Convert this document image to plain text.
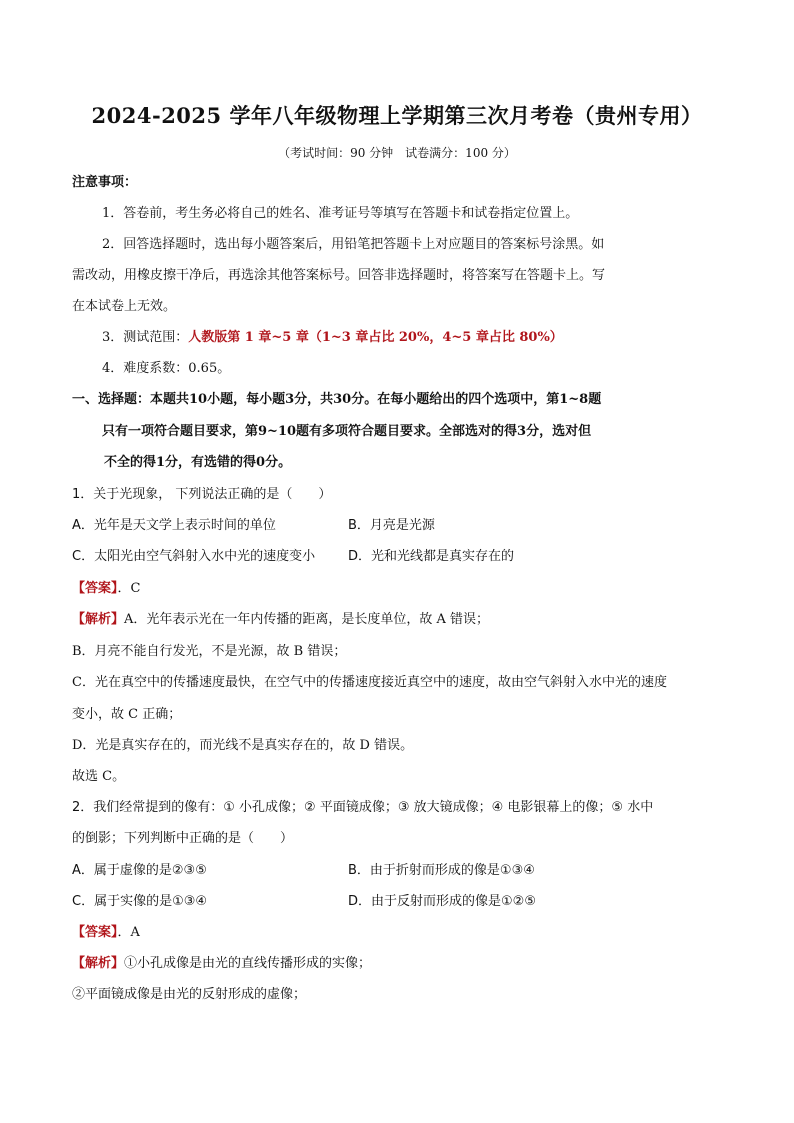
2024-2025 学年八年级物理上学期第三次月考卷（贵州专用）
（考试时间：90 分钟　试卷满分：100 分）
注意事项：
1．答卷前，考生务必将自己的姓名、准考证号等填写在答题卡和试卷指定位置上。
2．回答选择题时，选出每小题答案后，用铅笔把答题卡上对应题目的答案标号涂黑。如
需改动，用橡皮擦干净后，再选涂其他答案标号。回答非选择题时，将答案写在答题卡上。写
在本试卷上无效。
3．测试范围：人教版第 1 章~5 章（1~3 章占比 20%，4~5 章占比 80%）
4．难度系数：0.65。
一、选择题：本题共10小题，每小题3分，共30分。在每小题给出的四个选项中，第1~8题
只有一项符合题目要求，第9~10题有多项符合题目要求。全部选对的得3分，选对但
不全的得1分，有选错的得0分。
1．关于光现象， 下列说法正确的是（　　）
A．光年是天文学上表示时间的单位	B．月亮是光源
C．太阳光由空气斜射入水中光的速度变小	D．光和光线都是真实存在的
【答案】．C
【解析】A．光年表示光在一年内传播的距离，是长度单位，故 A 错误；
B．月亮不能自行发光，不是光源，故 B 错误；
C．光在真空中的传播速度最快，在空气中的传播速度接近真空中的速度，故由空气斜射入水中光的速度
变小，故 C 正确；
D．光是真实存在的，而光线不是真实存在的，故 D 错误。
故选 C。
2．我们经常提到的像有：① 小孔成像；② 平面镜成像；③ 放大镜成像；④ 电影银幕上的像；⑤ 水中
的倒影；下列判断中正确的是（　　）
A．属于虚像的是②③⑤	B．由于折射而形成的像是①③④
C．属于实像的是①③④	D．由于反射而形成的像是①②⑤
【答案】．A
【解析】①小孔成像是由光的直线传播形成的实像；
②平面镜成像是由光的反射形成的虚像；
